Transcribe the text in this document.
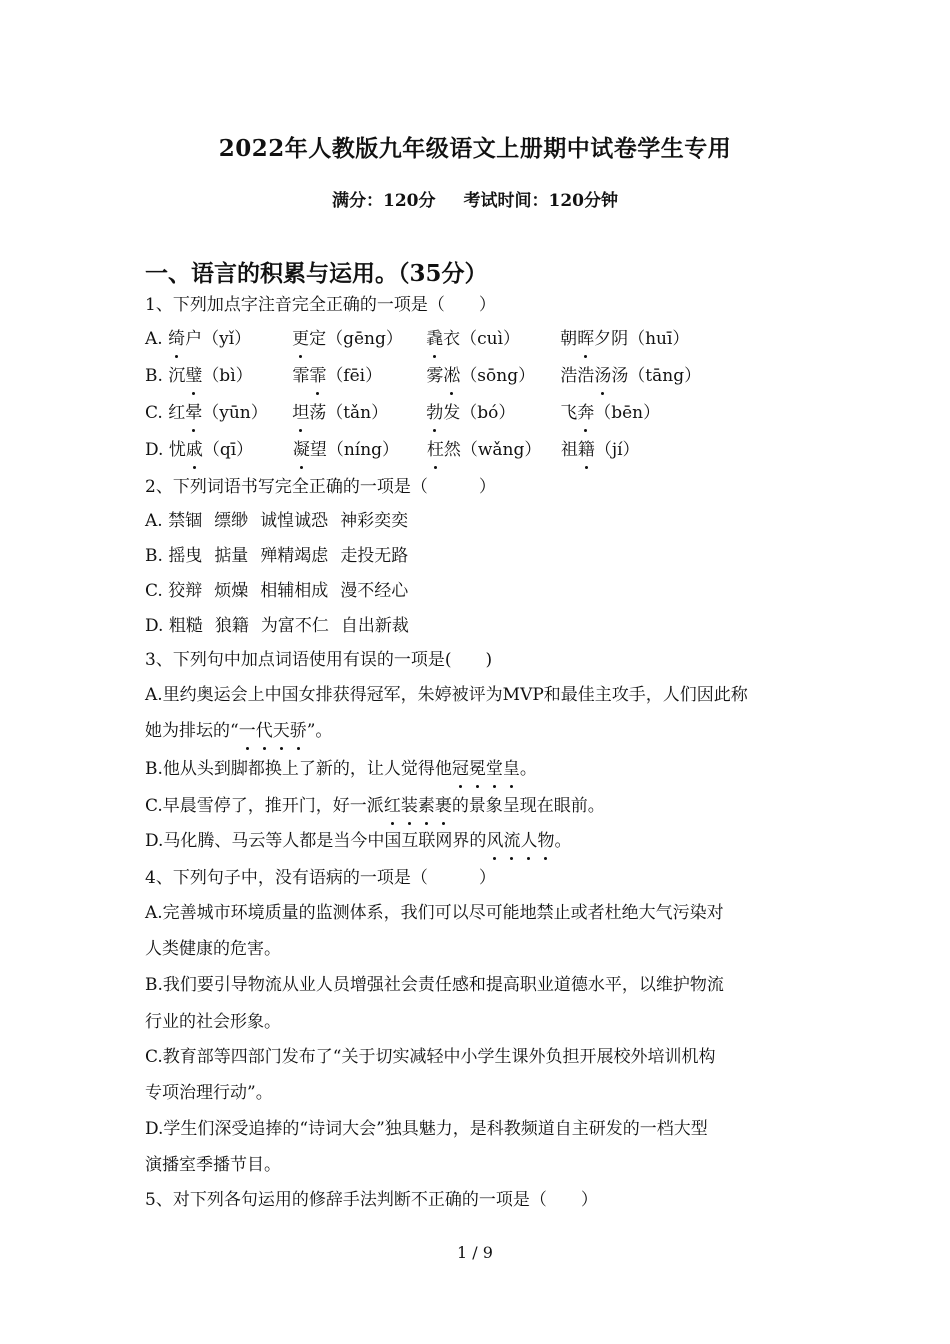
2022年人教版九年级语文上册期中试卷学生专用
满分：120分 考试时间：120分钟
一、语言的积累与运用。（35分）
1、下列加点字注音完全正确的一项是（　　）
A. 绮户（yǐ） 更定（gēng） 毳衣（cuì） 朝晖夕阴（huī）
B. 沉璧（bì） 霏霏（fēi）	雾凇（sōng） 浩浩汤汤（tāng）
C. 红晕（yūn） 坦荡（tǎn） 勃发（bó）	飞奔（bēn）
D. 忧戚（qī） 凝望（níng） 枉然（wǎng） 祖籍（jí）
2、下列词语书写完全正确的一项是（　　　）
A. 禁锢 缥缈 诚惶诚恐 神彩奕奕
B. 摇曳 掂量 殚精竭虑 走投无路
C. 狡辩 烦燥 相辅相成 漫不经心
D. 粗糙 狼籍 为富不仁 自出新裁
3、下列句中加点词语使用有误的一项是(　　)
A.里约奥运会上中国女排获得冠军，朱婷被评为MVP和最佳主攻手，人们因此称
她为排坛的“一代天骄”。
B.他从头到脚都换上了新的，让人觉得他冠冕堂皇。
C.早晨雪停了，推开门，好一派红装素裹的景象呈现在眼前。
D.马化腾、马云等人都是当今中国互联网界的风流人物。
4、下列句子中，没有语病的一项是（　　　）
A.完善城市环境质量的监测体系，我们可以尽可能地禁止或者杜绝大气污染对
人类健康的危害。
B.我们要引导物流从业人员增强社会责任感和提高职业道德水平，以维护物流
行业的社会形象。
C.教育部等四部门发布了“关于切实减轻中小学生课外负担开展校外培训机构
专项治理行动”。
D.学生们深受追捧的“诗词大会”独具魅力，是科教频道自主研发的一档大型
演播室季播节目。
5、对下列各句运用的修辞手法判断不正确的一项是（　　）
1 / 9
